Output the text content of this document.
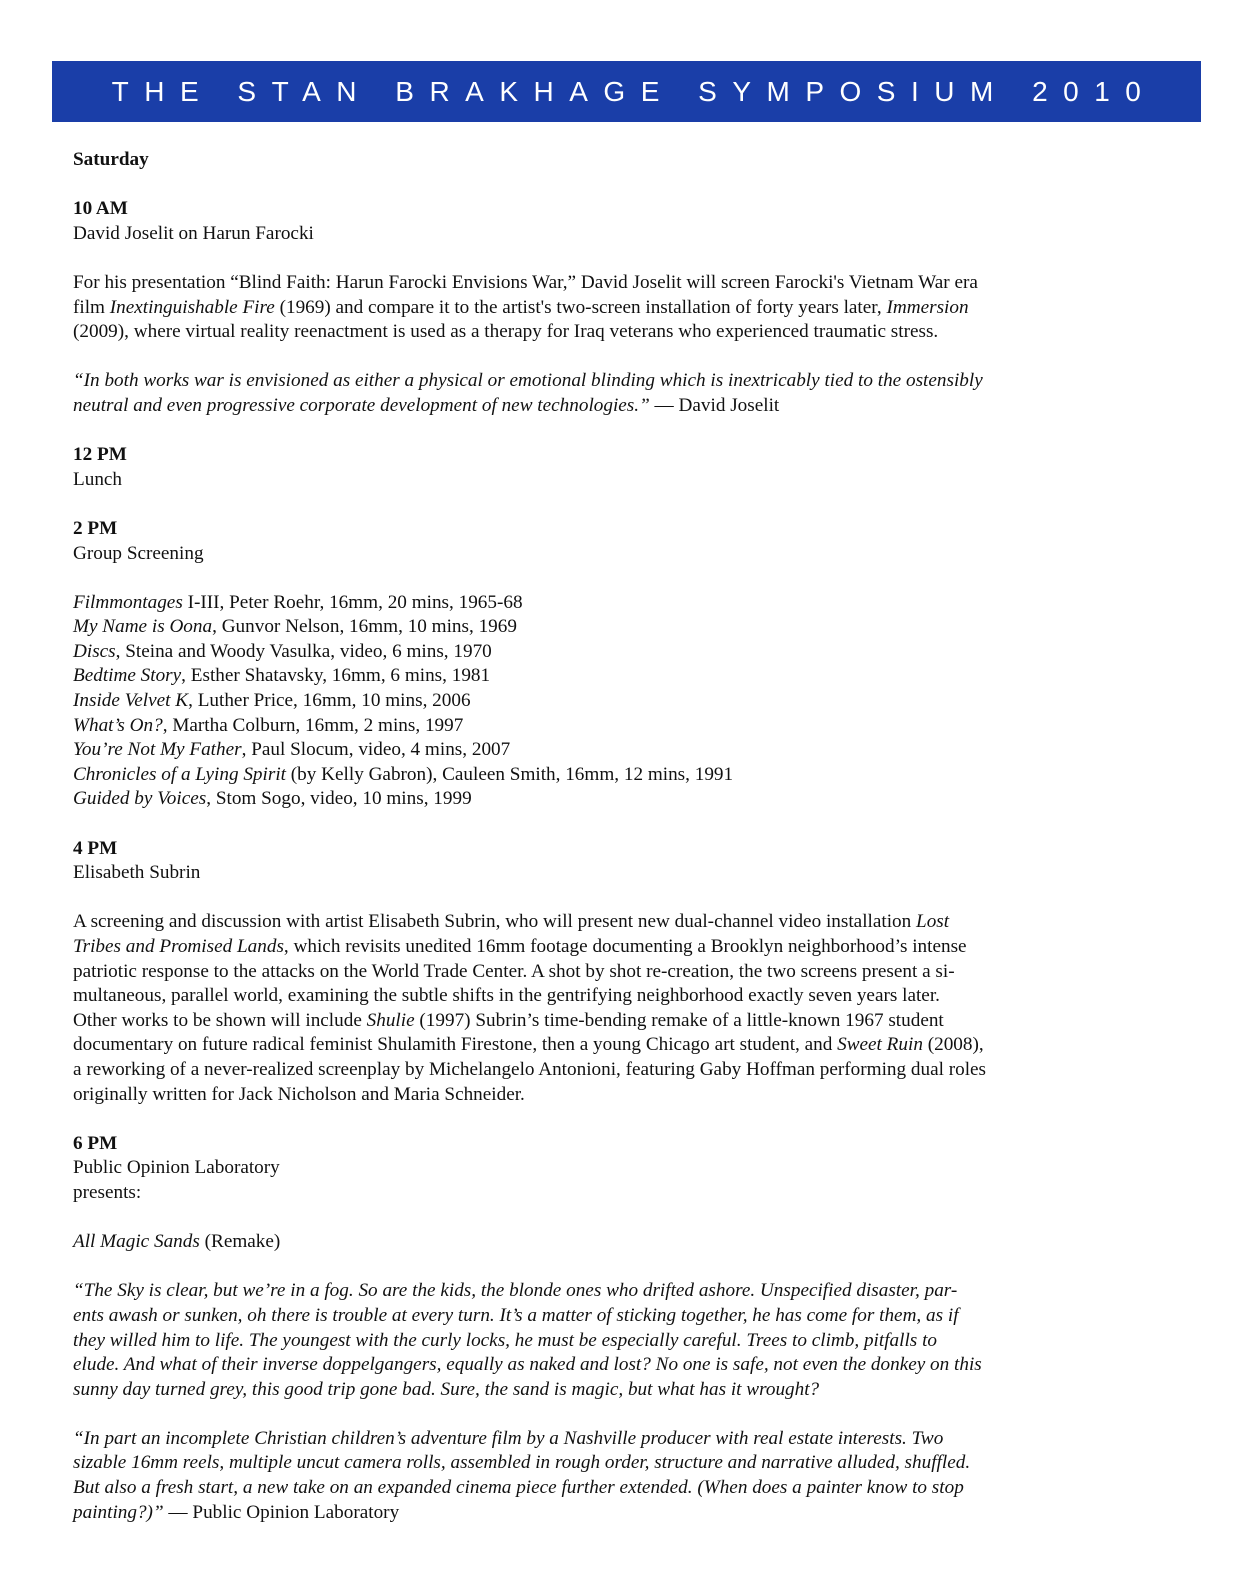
THE STAN BRAKHAGE SYMPOSIUM 2010
Saturday
10 AM
David Joselit on Harun Farocki
For his presentation “Blind Faith: Harun Farocki Envisions War,” David Joselit will screen Farocki's Vietnam War era
film Inextinguishable Fire (1969) and compare it to the artist's two-screen installation of forty years later, Immersion
(2009), where virtual reality reenactment is used as a therapy for Iraq veterans who experienced traumatic stress.
“In both works war is envisioned as either a physical or emotional blinding which is inextricably tied to the ostensibly
neutral and even progressive corporate development of new technologies.” — David Joselit
12 PM
Lunch
2 PM
Group Screening
Filmmontages I-III, Peter Roehr, 16mm, 20 mins, 1965-68
My Name is Oona, Gunvor Nelson, 16mm, 10 mins, 1969
Discs, Steina and Woody Vasulka, video, 6 mins, 1970
Bedtime Story, Esther Shatavsky, 16mm, 6 mins, 1981
Inside Velvet K, Luther Price, 16mm, 10 mins, 2006
What’s On?, Martha Colburn, 16mm, 2 mins, 1997
You’re Not My Father, Paul Slocum, video, 4 mins, 2007
Chronicles of a Lying Spirit (by Kelly Gabron), Cauleen Smith, 16mm, 12 mins, 1991
Guided by Voices, Stom Sogo, video, 10 mins, 1999
4 PM
Elisabeth Subrin
A screening and discussion with artist Elisabeth Subrin, who will present new dual-channel video installation Lost
Tribes and Promised Lands, which revisits unedited 16mm footage documenting a Brooklyn neighborhood’s intense
patriotic response to the attacks on the World Trade Center. A shot by shot re-creation, the two screens present a si-
multaneous, parallel world, examining the subtle shifts in the gentrifying neighborhood exactly seven years later.
Other works to be shown will include Shulie (1997) Subrin’s time-bending remake of a little-known 1967 student
documentary on future radical feminist Shulamith Firestone, then a young Chicago art student, and Sweet Ruin (2008),
a reworking of a never-realized screenplay by Michelangelo Antonioni, featuring Gaby Hoffman performing dual roles
originally written for Jack Nicholson and Maria Schneider.
6 PM
Public Opinion Laboratory
presents:
All Magic Sands (Remake)
“The Sky is clear, but we’re in a fog. So are the kids, the blonde ones who drifted ashore. Unspecified disaster, par-
ents awash or sunken, oh there is trouble at every turn. It’s a matter of sticking together, he has come for them, as if
they willed him to life. The youngest with the curly locks, he must be especially careful. Trees to climb, pitfalls to
elude. And what of their inverse doppelgangers, equally as naked and lost? No one is safe, not even the donkey on this
sunny day turned grey, this good trip gone bad. Sure, the sand is magic, but what has it wrought?
“In part an incomplete Christian children’s adventure film by a Nashville producer with real estate interests. Two
sizable 16mm reels, multiple uncut camera rolls, assembled in rough order, structure and narrative alluded, shuffled.
But also a fresh start, a new take on an expanded cinema piece further extended. (When does a painter know to stop
painting?)” — Public Opinion Laboratory
